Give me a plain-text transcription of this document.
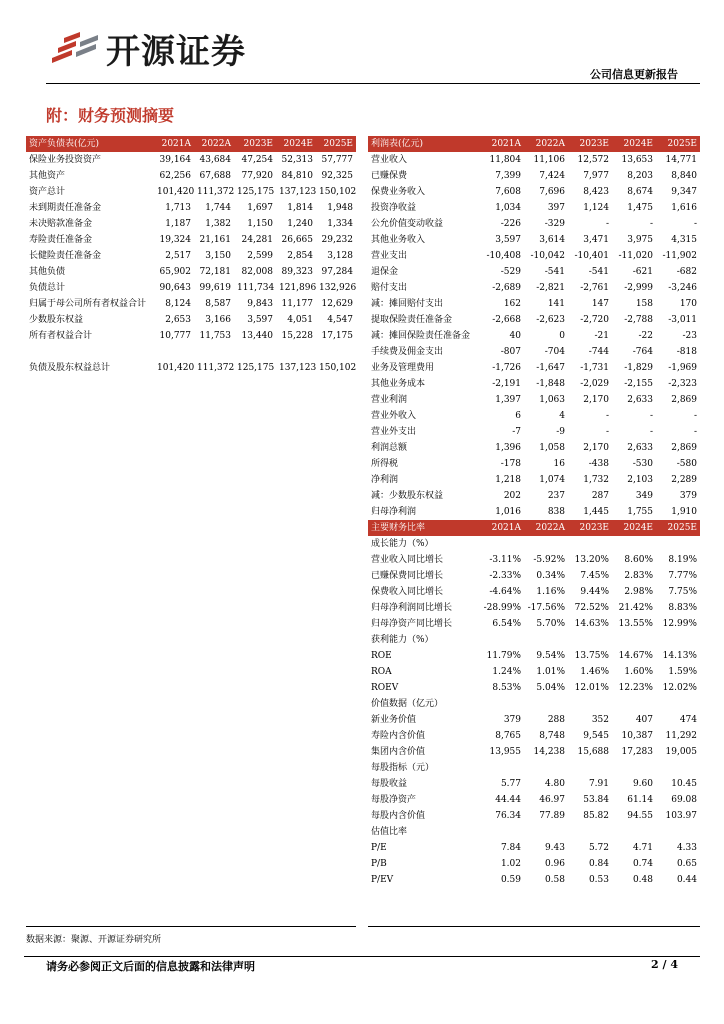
开源证券
公司信息更新报告
附：财务预测摘要
资产负债表(亿元)	2021A	2022A	2023E	2024E	2025E
保险业务投资资产	39,164	43,684	47,254	52,313	57,777
其他资产	62,256	67,688	77,920	84,810	92,325
资产总计	101,420	111,372	125,175	137,123	150,102
未到期责任准备金	1,713	1,744	1,697	1,814	1,948
未决赔款准备金	1,187	1,382	1,150	1,240	1,334
寿险责任准备金	19,324	21,161	24,281	26,665	29,232
长健险责任准备金	2,517	3,150	2,599	2,854	3,128
其他负债	65,902	72,181	82,008	89,323	97,284
负债总计	90,643	99,619	111,734	121,896	132,926
归属于母公司所有者权益合计	8,124	8,587	9,843	11,177	12,629
少数股东权益	2,653	3,166	3,597	4,051	4,547
所有者权益合计	10,777	11,753	13,440	15,228	17,175

负债及股东权益总计	101,420	111,372	125,175	137,123	150,102
利润表(亿元)	2021A	2022A	2023E	2024E	2025E
营业收入	11,804	11,106	12,572	13,653	14,771
已赚保费	7,399	7,424	7,977	8,203	8,840
保费业务收入	7,608	7,696	8,423	8,674	9,347
投资净收益	1,034	397	1,124	1,475	1,616
公允价值变动收益	-226	-329	-	-	-
其他业务收入	3,597	3,614	3,471	3,975	4,315
营业支出	-10,408	-10,042	-10,401	-11,020	-11,902
退保金	-529	-541	-541	-621	-682
赔付支出	-2,689	-2,821	-2,761	-2,999	-3,246
减：摊回赔付支出	162	141	147	158	170
提取保险责任准备金	-2,668	-2,623	-2,720	-2,788	-3,011
减：摊回保险责任准备金	40	0	-21	-22	-23
手续费及佣金支出	-807	-704	-744	-764	-818
业务及管理费用	-1,726	-1,647	-1,731	-1,829	-1,969
其他业务成本	-2,191	-1,848	-2,029	-2,155	-2,323
营业利润	1,397	1,063	2,170	2,633	2,869
营业外收入	6	4	-	-	-
营业外支出	-7	-9	-	-	-
利润总额	1,396	1,058	2,170	2,633	2,869
所得税	-178	16	-438	-530	-580
净利润	1,218	1,074	1,732	2,103	2,289
减：少数股东权益	202	237	287	349	379
归母净利润	1,016	838	1,445	1,755	1,910
主要财务比率	2021A	2022A	2023E	2024E	2025E
成长能力（%）					
营业收入同比增长	-3.11%	-5.92%	13.20%	8.60%	8.19%
已赚保费同比增长	-2.33%	0.34%	7.45%	2.83%	7.77%
保费收入同比增长	-4.64%	1.16%	9.44%	2.98%	7.75%
归母净利润同比增长	-28.99%	-17.56%	72.52%	21.42%	8.83%
归母净资产同比增长	6.54%	5.70%	14.63%	13.55%	12.99%
获利能力（%）					
ROE	11.79%	9.54%	13.75%	14.67%	14.13%
ROA	1.24%	1.01%	1.46%	1.60%	1.59%
ROEV	8.53%	5.04%	12.01%	12.23%	12.02%
价值数据（亿元）					
新业务价值	379	288	352	407	474
寿险内含价值	8,765	8,748	9,545	10,387	11,292
集团内含价值	13,955	14,238	15,688	17,283	19,005
每股指标（元）					
每股收益	5.77	4.80	7.91	9.60	10.45
每股净资产	44.44	46.97	53.84	61.14	69.08
每股内含价值	76.34	77.89	85.82	94.55	103.97
估值比率					
P/E	7.84	9.43	5.72	4.71	4.33
P/B	1.02	0.96	0.84	0.74	0.65
P/EV	0.59	0.58	0.53	0.48	0.44
数据来源：聚源、开源证券研究所
请务必参阅正文后面的信息披露和法律声明	2 / 4
